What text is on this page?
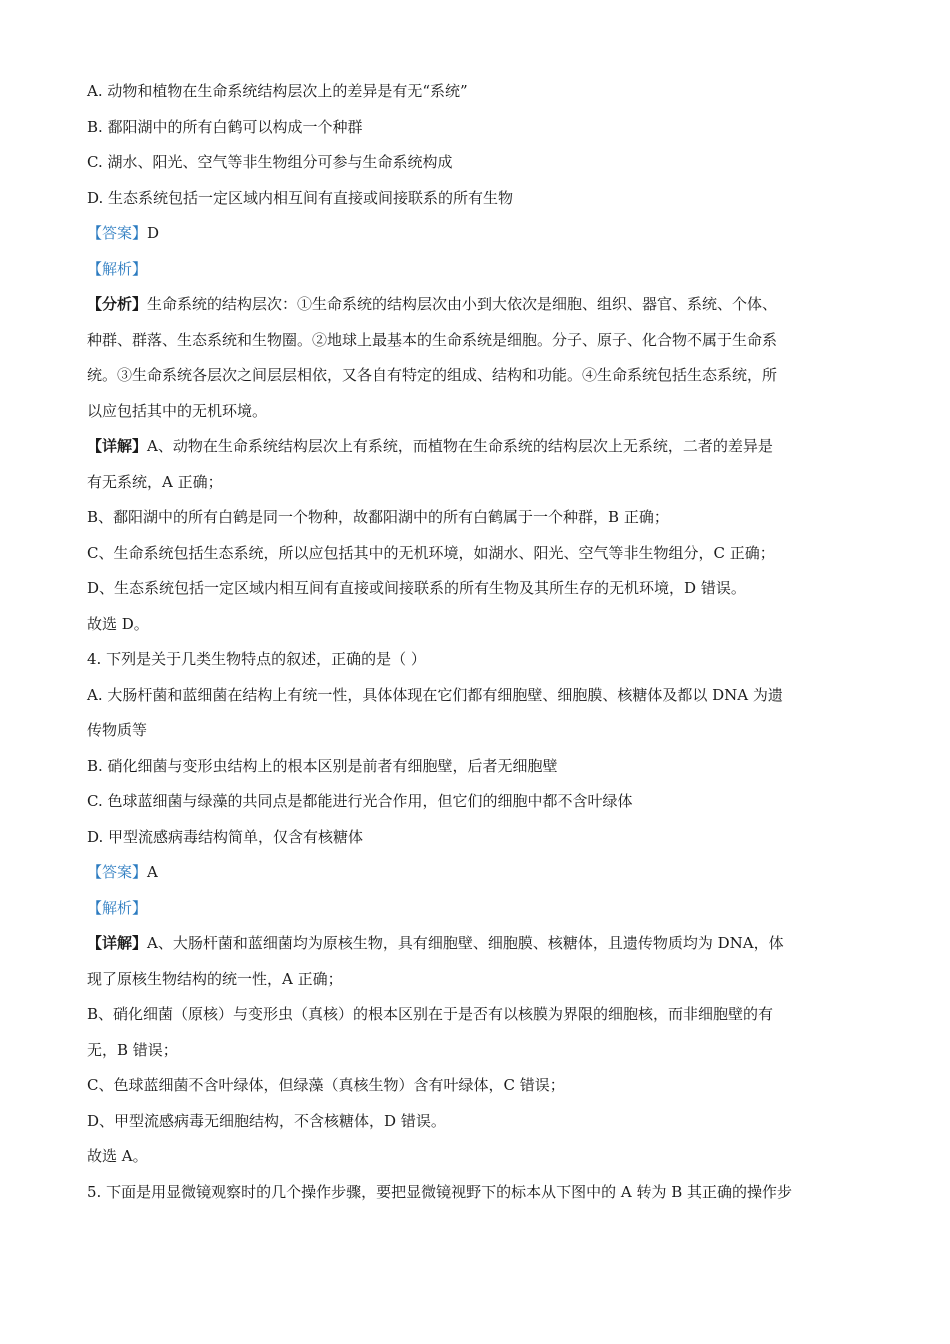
A. 动物和植物在生命系统结构层次上的差异是有无“系统”

B. 鄱阳湖中的所有白鹤可以构成一个种群

C. 湖水、阳光、空气等非生物组分可参与生命系统构成

D. 生态系统包括一定区域内相互间有直接或间接联系的所有生物

【答案】D

【解析】

【分析】生命系统的结构层次：①生命系统的结构层次由小到大依次是细胞、组织、器官、系统、个体、

种群、群落、生态系统和生物圈。②地球上最基本的生命系统是细胞。分子、原子、化合物不属于生命系

统。③生命系统各层次之间层层相依，又各自有特定的组成、结构和功能。④生命系统包括生态系统，所

以应包括其中的无机环境。

【详解】A、动物在生命系统结构层次上有系统，而植物在生命系统的结构层次上无系统，二者的差异是

有无系统，A 正确；

B、鄱阳湖中的所有白鹤是同一个物种，故鄱阳湖中的所有白鹤属于一个种群，B 正确；

C、生命系统包括生态系统，所以应包括其中的无机环境，如湖水、阳光、空气等非生物组分，C 正确；

D、生态系统包括一定区域内相互间有直接或间接联系的所有生物及其所生存的无机环境，D 错误。

故选 D。

4. 下列是关于几类生物特点的叙述，正确的是（ ）

A. 大肠杆菌和蓝细菌在结构上有统一性，具体体现在它们都有细胞壁、细胞膜、核糖体及都以 DNA 为遗

传物质等

B. 硝化细菌与变形虫结构上的根本区别是前者有细胞壁，后者无细胞壁

C. 色球蓝细菌与绿藻的共同点是都能进行光合作用，但它们的细胞中都不含叶绿体

D. 甲型流感病毒结构简单，仅含有核糖体

【答案】A

【解析】

【详解】A、大肠杆菌和蓝细菌均为原核生物，具有细胞壁、细胞膜、核糖体，且遗传物质均为 DNA，体

现了原核生物结构的统一性，A 正确；

B、硝化细菌（原核）与变形虫（真核）的根本区别在于是否有以核膜为界限的细胞核，而非细胞壁的有

无，B 错误；

C、色球蓝细菌不含叶绿体，但绿藻（真核生物）含有叶绿体，C 错误；

D、甲型流感病毒无细胞结构，不含核糖体，D 错误。

故选 A。

5. 下面是用显微镜观察时的几个操作步骤，要把显微镜视野下的标本从下图中的 A 转为 B 其正确的操作步
